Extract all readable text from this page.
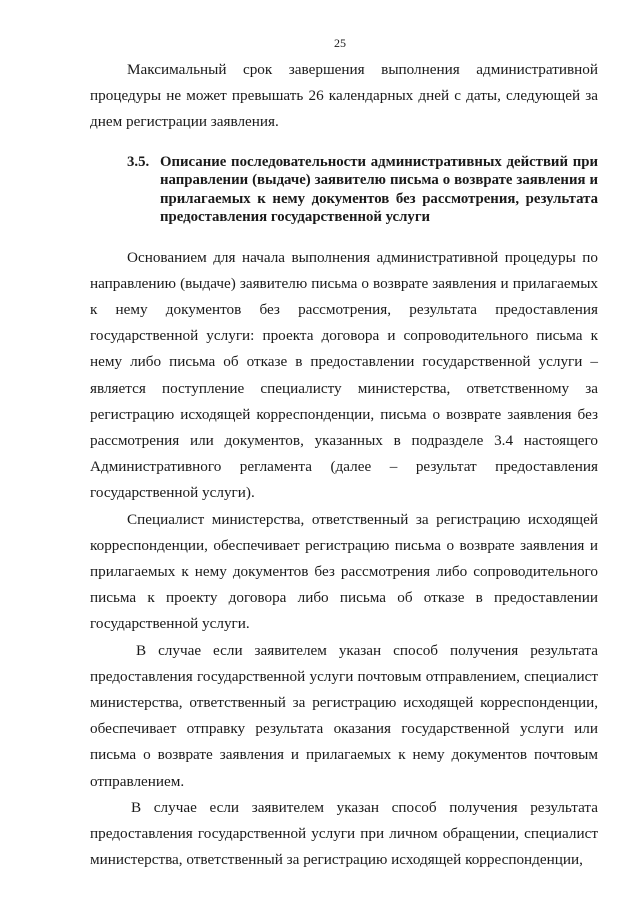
25

Максимальный срок завершения выполнения административной процедуры не может превышать 26 календарных дней с даты, следующей за днем регистрации заявления.

3.5. Описание последовательности административных действий при направлении (выдаче) заявителю письма о возврате заявления и прилагаемых к нему документов без рассмотрения, результата предоставления государственной услуги

Основанием для начала выполнения административной процедуры по направлению (выдаче) заявителю письма о возврате заявления и прилагаемых к нему документов без рассмотрения, результата предоставления государственной услуги: проекта договора и сопроводительного письма к нему либо письма об отказе в предоставлении государственной услуги – является поступление специалисту министерства, ответственному за регистрацию исходящей корреспонденции, письма о возврате заявления без рассмотрения или документов, указанных в подразделе 3.4 настоящего Административного регламента (далее – результат предоставления государственной услуги).

Специалист министерства, ответственный за регистрацию исходящей корреспонденции, обеспечивает регистрацию письма о возврате заявления и прилагаемых к нему документов без рассмотрения либо сопроводительного письма к проекту договора либо письма об отказе в предоставлении государственной услуги.

В случае если заявителем указан способ получения результата предоставления государственной услуги почтовым отправлением, специалист министерства, ответственный за регистрацию исходящей корреспонденции, обеспечивает отправку результата оказания государственной услуги или письма о возврате заявления и прилагаемых к нему документов почтовым отправлением.

В случае если заявителем указан способ получения результата предоставления государственной услуги при личном обращении, специалист министерства, ответственный за регистрацию исходящей корреспонденции,
